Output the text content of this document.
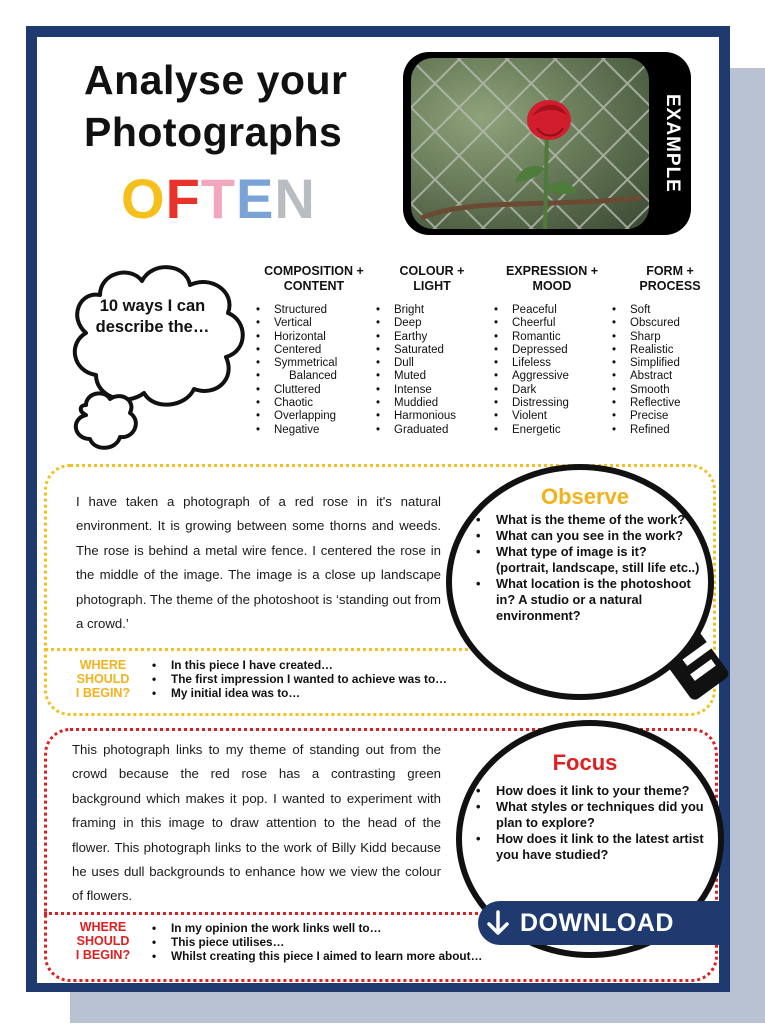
Analyse your
Photographs
OFTEN
EXAMPLE
10 ways I can describe the…
COMPOSITION +
CONTENT
• Structured
• Vertical
• Horizontal
• Centered
• Symmetrical
• Balanced
• Cluttered
• Chaotic
• Overlapping
• Negative
COLOUR +
LIGHT
• Bright
• Deep
• Earthy
• Saturated
• Dull
• Muted
• Intense
• Muddied
• Harmonious
• Graduated
EXPRESSION +
MOOD
• Peaceful
• Cheerful
• Romantic
• Depressed
• Lifeless
• Aggressive
• Dark
• Distressing
• Violent
• Energetic
FORM +
PROCESS
• Soft
• Obscured
• Sharp
• Realistic
• Simplified
• Abstract
• Smooth
• Reflective
• Precise
• Refined
I have taken a photograph of a red rose in it's natural environment. It is growing between some thorns and weeds. The rose is behind a metal wire fence. I centered the rose in the middle of the image. The image is a close up landscape photograph. The theme of the photoshoot is ‘standing out from a crowd.’
WHERE
SHOULD
I BEGIN?
• In this piece I have created…
• The first impression I wanted to achieve was to…
• My initial idea was to…
Observe
• What is the theme of the work?
• What can you see in the work?
• What type of image is it? (portrait, landscape, still life etc..)
• What location is the photoshoot in? A studio or a natural environment?
This photograph links to my theme of standing out from the crowd because the red rose has a contrasting green background which makes it pop. I wanted to experiment with framing in this image to draw attention to the head of the flower. This photograph links to the work of Billy Kidd because he uses dull backgrounds to enhance how we view the colour of flowers.
WHERE
SHOULD
I BEGIN?
• In my opinion the work links well to…
• This piece utilises…
• Whilst creating this piece I aimed to learn more about…
Focus
• How does it link to your theme?
• What styles or techniques did you plan to explore?
• How does it link to the latest artist you have studied?
DOWNLOAD
